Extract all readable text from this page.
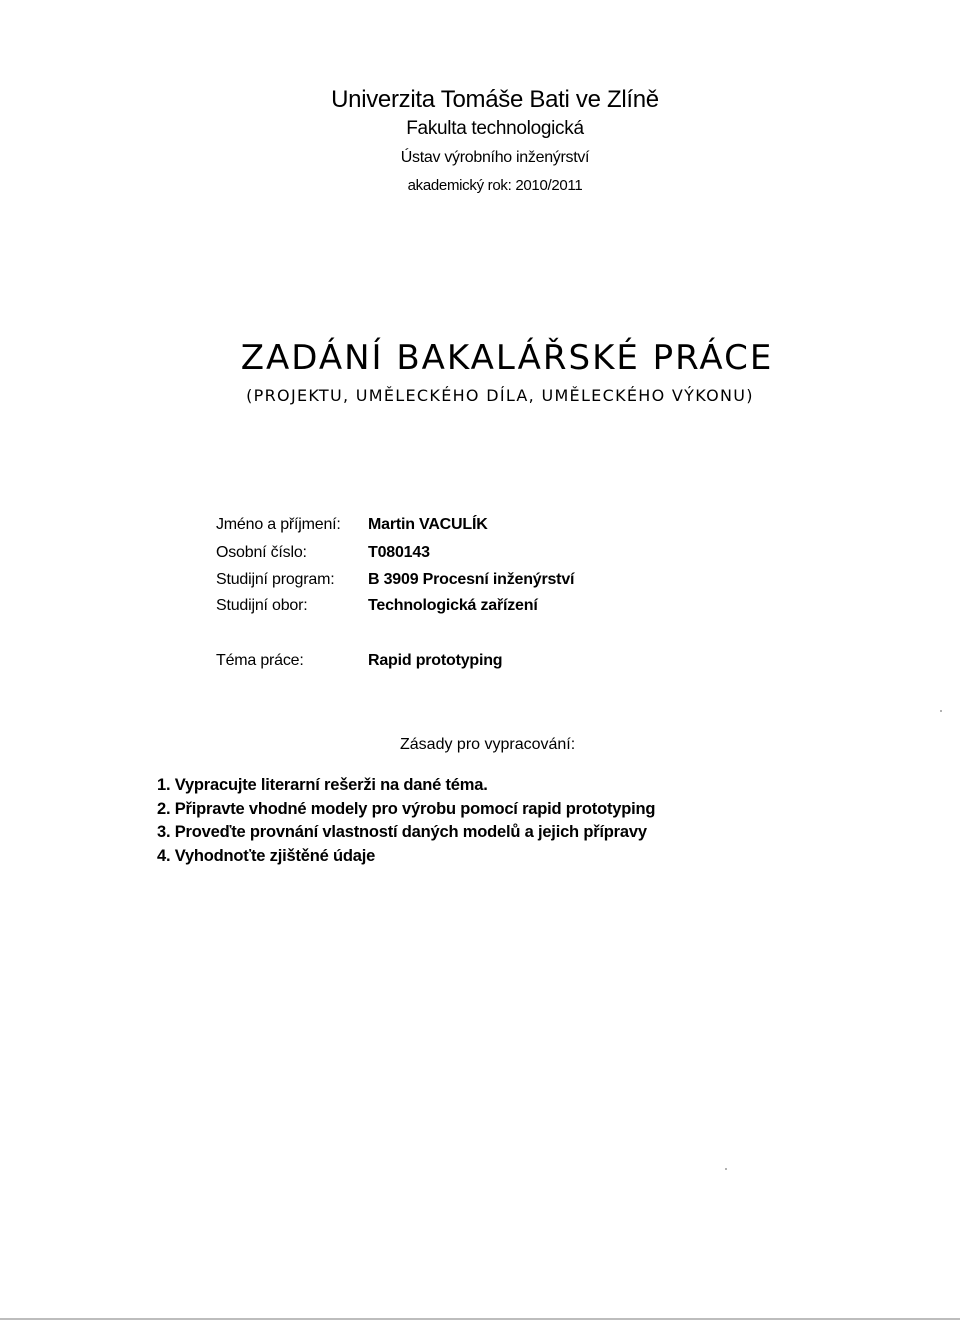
Univerzita Tomáše Bati ve Zlíně
Fakulta technologická
Ústav výrobního inženýrství
akademický rok: 2010/2011
ZADÁNÍ BAKALÁŘSKÉ PRÁCE
(PROJEKTU, UMĚLECKÉHO DÍLA, UMĚLECKÉHO VÝKONU)
Jméno a příjmení: Martin VACULÍK
Osobní číslo:	T080143
Studijní program: B 3909 Procesní inženýrství
Studijní obor:	Technologická zařízení
Téma práce:	Rapid prototyping
Zásady pro vypracování:
1. Vypracujte literarní rešerži na dané téma.
2. Připravte vhodné modely pro výrobu pomocí rapid prototyping
3. Proveďte provnání vlastností daných modelů a jejich přípravy
4. Vyhodnoťte zjištěné údaje
